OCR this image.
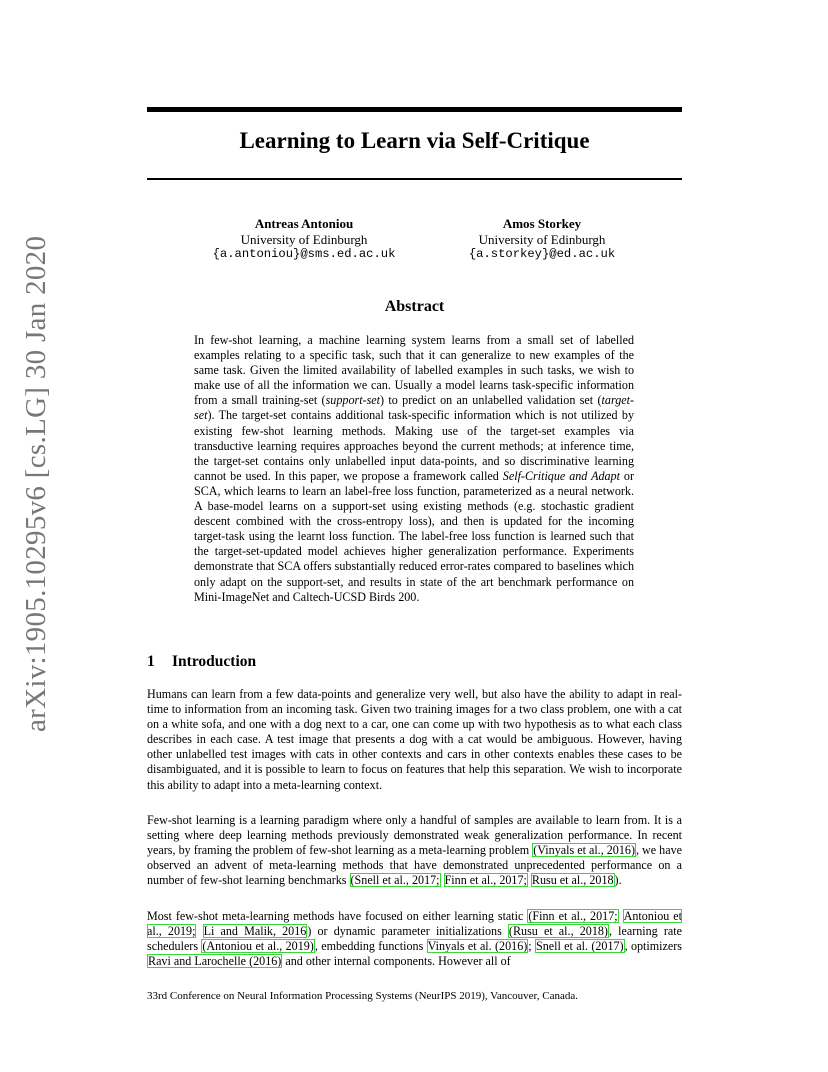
arXiv:1905.10295v6 [cs.LG] 30 Jan 2020
Learning to Learn via Self-Critique
Antreas Antoniou
University of Edinburgh
{a.antoniou}@sms.ed.ac.uk
Amos Storkey
University of Edinburgh
{a.storkey}@ed.ac.uk
Abstract
In few-shot learning, a machine learning system learns from a small set of labelled examples relating to a specific task, such that it can generalize to new examples of the same task. Given the limited availability of labelled examples in such tasks, we wish to make use of all the information we can. Usually a model learns task-specific information from a small training-set (support-set) to predict on an unlabelled validation set (target-set). The target-set contains additional task-specific information which is not utilized by existing few-shot learning methods. Making use of the target-set examples via transductive learning requires approaches beyond the current methods; at inference time, the target-set contains only unlabelled input data-points, and so discriminative learning cannot be used. In this paper, we propose a framework called Self-Critique and Adapt or SCA, which learns to learn an label-free loss function, parameterized as a neural network. A base-model learns on a support-set using existing methods (e.g. stochastic gradient descent combined with the cross-entropy loss), and then is updated for the incoming target-task using the learnt loss function. The label-free loss function is learned such that the target-set-updated model achieves higher generalization performance. Experiments demonstrate that SCA offers substantially reduced error-rates compared to baselines which only adapt on the support-set, and results in state of the art benchmark performance on Mini-ImageNet and Caltech-UCSD Birds 200.
1 Introduction

Humans can learn from a few data-points and generalize very well, but also have the ability to adapt in real-time to information from an incoming task. Given two training images for a two class problem, one with a cat on a white sofa, and one with a dog next to a car, one can come up with two hypothesis as to what each class describes in each case. A test image that presents a dog with a cat would be ambiguous. However, having other unlabelled test images with cats in other contexts and cars in other contexts enables these cases to be disambiguated, and it is possible to learn to focus on features that help this separation. We wish to incorporate this ability to adapt into a meta-learning context.

Few-shot learning is a learning paradigm where only a handful of samples are available to learn from. It is a setting where deep learning methods previously demonstrated weak generalization performance. In recent years, by framing the problem of few-shot learning as a meta-learning problem (Vinyals et al., 2016), we have observed an advent of meta-learning methods that have demonstrated unprecedented performance on a number of few-shot learning benchmarks (Snell et al., 2017; Finn et al., 2017; Rusu et al., 2018).

Most few-shot meta-learning methods have focused on either learning static (Finn et al., 2017; Antoniou et al., 2019; Li and Malik, 2016) or dynamic parameter initializations (Rusu et al., 2018), learning rate schedulers (Antoniou et al., 2019), embedding functions Vinyals et al. (2016); Snell et al. (2017), optimizers Ravi and Larochelle (2016) and other internal components. However all of

33rd Conference on Neural Information Processing Systems (NeurIPS 2019), Vancouver, Canada.
